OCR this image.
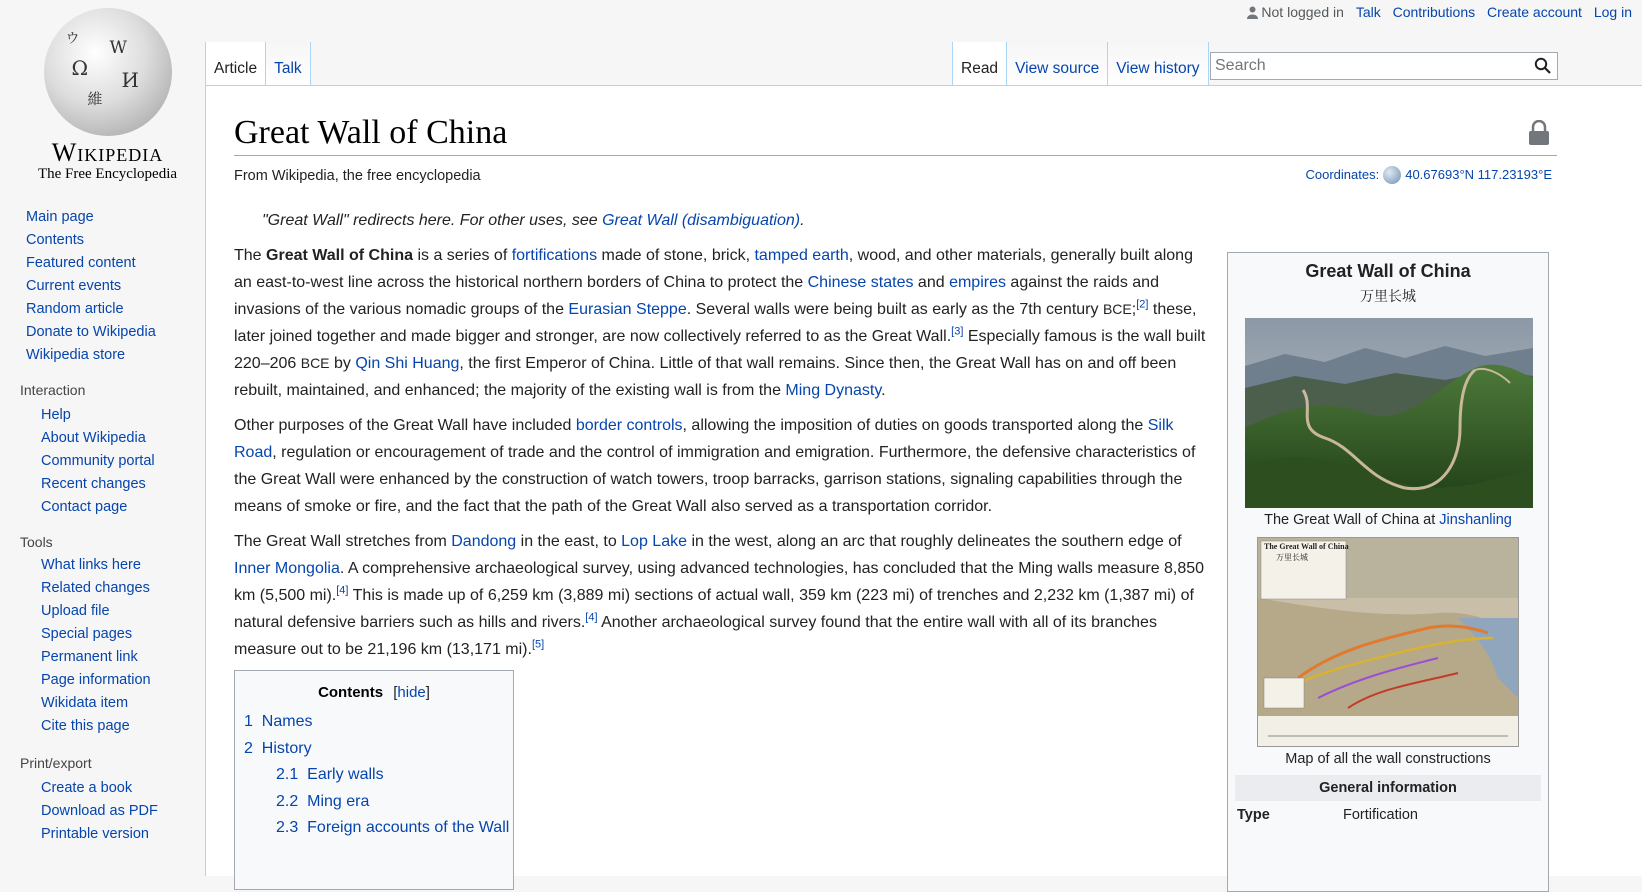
Ω
W
И
維
ウ
Wikipedia
The Free Encyclopedia
Main page
Contents
Featured content
Current events
Random article
Donate to Wikipedia
Wikipedia store
Interaction
Help
About Wikipedia
Community portal
Recent changes
Contact page
Tools
What links here
Related changes
Upload file
Special pages
Permanent link
Page information
Wikidata item
Cite this page
Print/export
Create a book
Download as PDF
Printable version
Not logged in Talk Contributions Create account Log in
Article	Talk	Read	View source	View history
Search
Great Wall of China
Coordinates: 40.67693°N 117.23193°E
From Wikipedia, the free encyclopedia
"Great Wall" redirects here. For other uses, see Great Wall (disambiguation).

The Great Wall of China is a series of fortifications made of stone, brick, tamped earth, wood, and other materials, generally built along an east-to-west line across the historical northern borders of China to protect the Chinese states and empires against the raids and invasions of the various nomadic groups of the Eurasian Steppe. Several walls were being built as early as the 7th century BCE;[2] these, later joined together and made bigger and stronger, are now collectively referred to as the Great Wall.[3] Especially famous is the wall built 220–206 BCE by Qin Shi Huang, the first Emperor of China. Little of that wall remains. Since then, the Great Wall has on and off been rebuilt, maintained, and enhanced; the majority of the existing wall is from the Ming Dynasty.

Other purposes of the Great Wall have included border controls, allowing the imposition of duties on goods transported along the Silk Road, regulation or encouragement of trade and the control of immigration and emigration. Furthermore, the defensive characteristics of the Great Wall were enhanced by the construction of watch towers, troop barracks, garrison stations, signaling capabilities through the means of smoke or fire, and the fact that the path of the Great Wall also served as a transportation corridor.

The Great Wall stretches from Dandong in the east, to Lop Lake in the west, along an arc that roughly delineates the southern edge of Inner Mongolia. A comprehensive archaeological survey, using advanced technologies, has concluded that the Ming walls measure 8,850 km (5,500 mi).[4] This is made up of 6,259 km (3,889 mi) sections of actual wall, 359 km (223 mi) of trenches and 2,232 km (1,387 mi) of natural defensive barriers such as hills and rivers.[4] Another archaeological survey found that the entire wall with all of its branches measure out to be 21,196 km (13,171 mi).[5]

Contents [hide]
1 Names
2 History
2.1 Early walls
2.2 Ming era
2.3 Foreign accounts of the Wall
Great Wall of China
万里长城
The Great Wall of China at Jinshanling
The Great Wall of China
万里长城
Map of all the wall constructions
General information
Type	Fortification
